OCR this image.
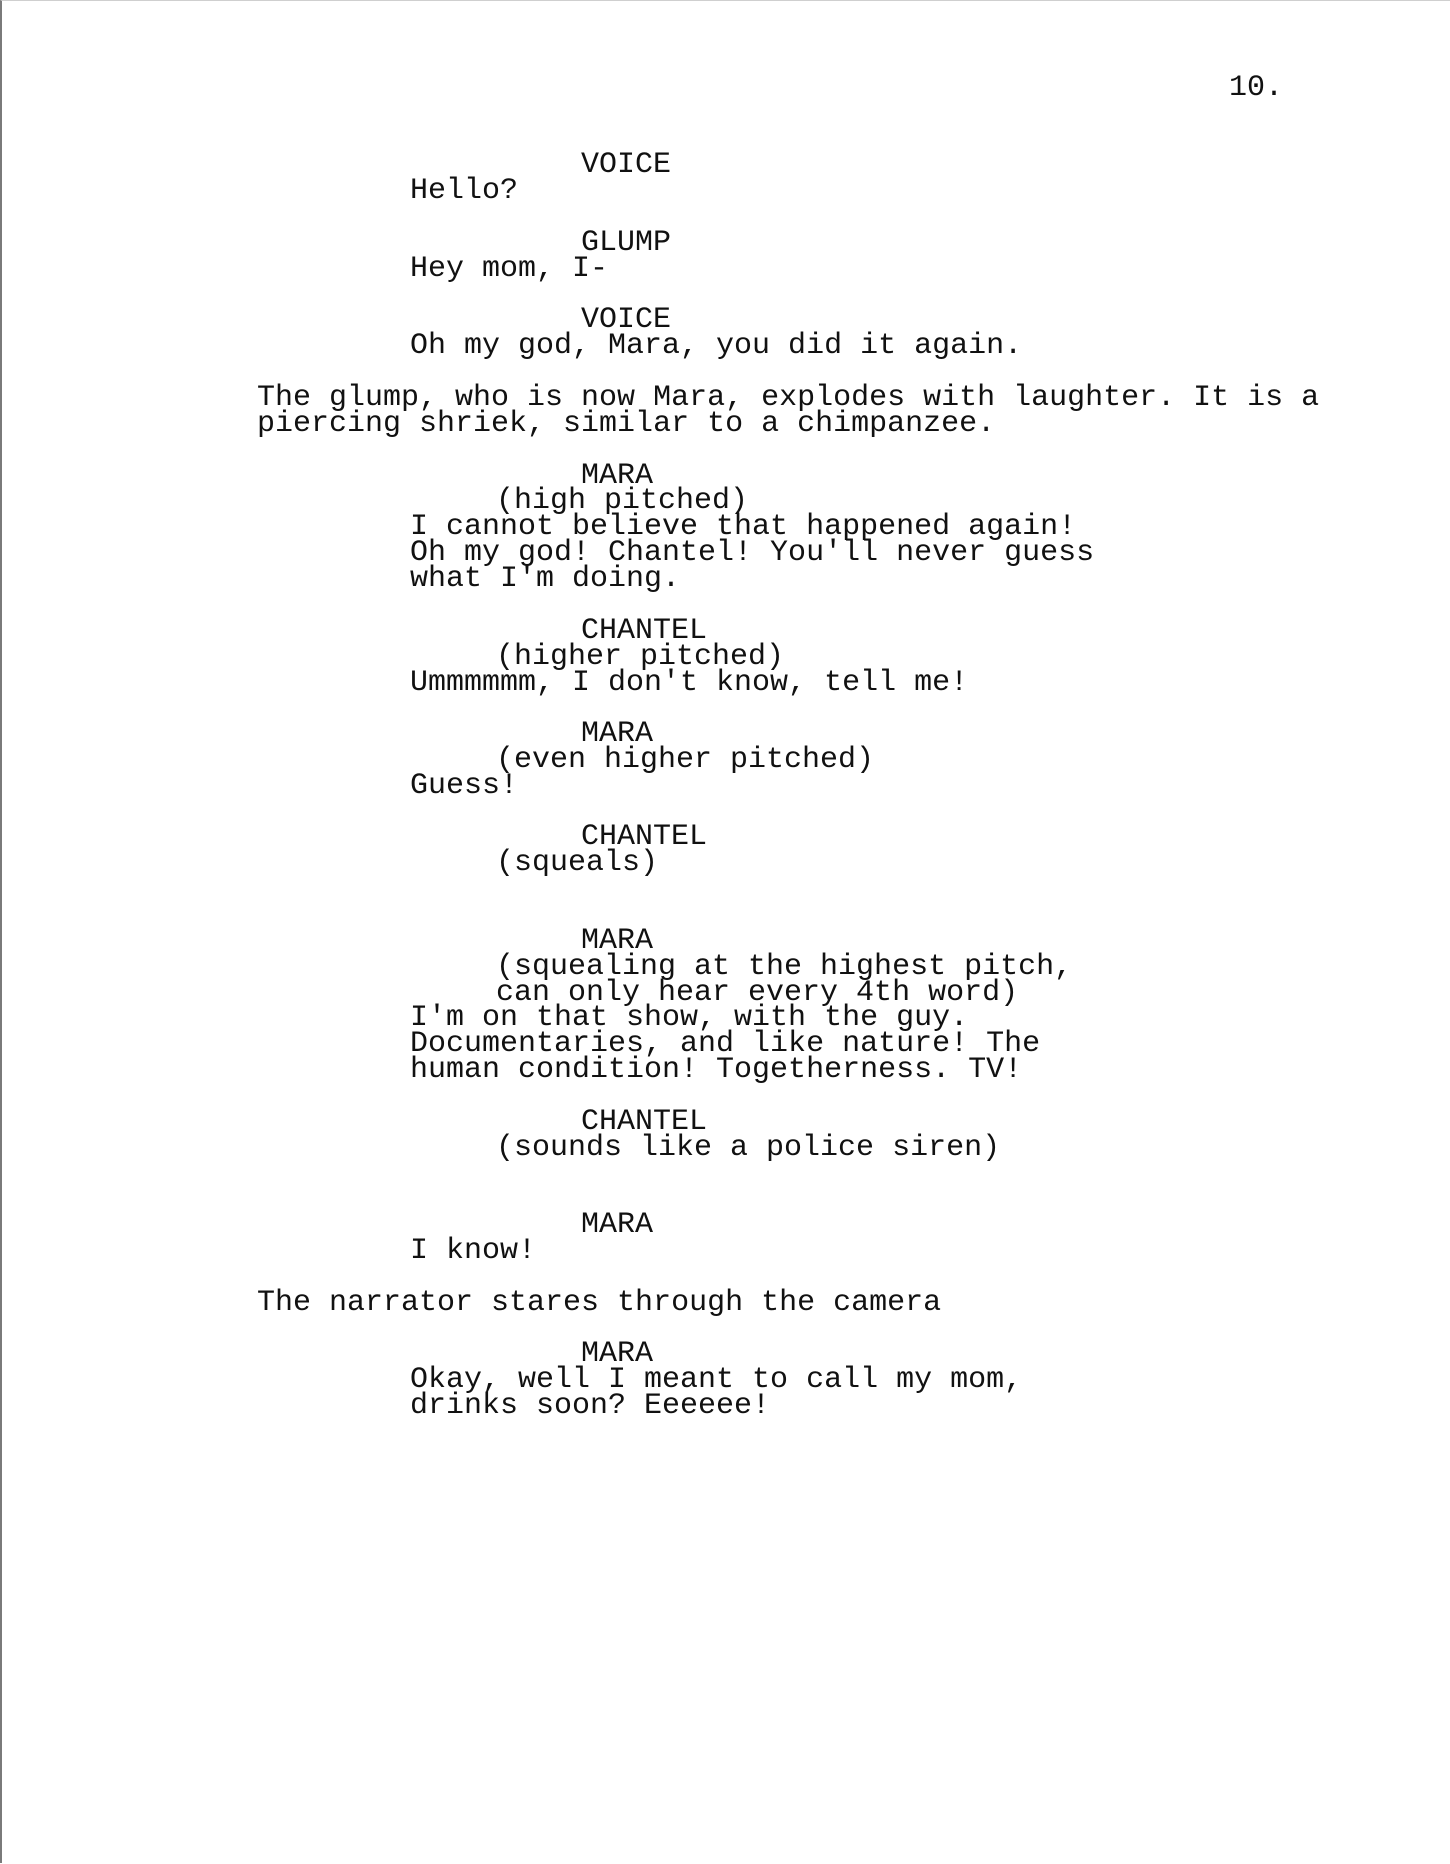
10.
VOICE
Hello?
GLUMP
Hey mom, I-
VOICE
Oh my god, Mara, you did it again.
The glump, who is now Mara, explodes with laughter. It is a
piercing shriek, similar to a chimpanzee.
MARA
(high pitched)
I cannot believe that happened again!
Oh my god! Chantel! You'll never guess
what I'm doing.
CHANTEL
(higher pitched)
Ummmmmm, I don't know, tell me!
MARA
(even higher pitched)
Guess!
CHANTEL
(squeals)
MARA
(squealing at the highest pitch,
can only hear every 4th word)
I'm on that show, with the guy.
Documentaries, and like nature! The
human condition! Togetherness. TV!
CHANTEL
(sounds like a police siren)
MARA
I know!
The narrator stares through the camera
MARA
Okay, well I meant to call my mom,
drinks soon? Eeeeee!
